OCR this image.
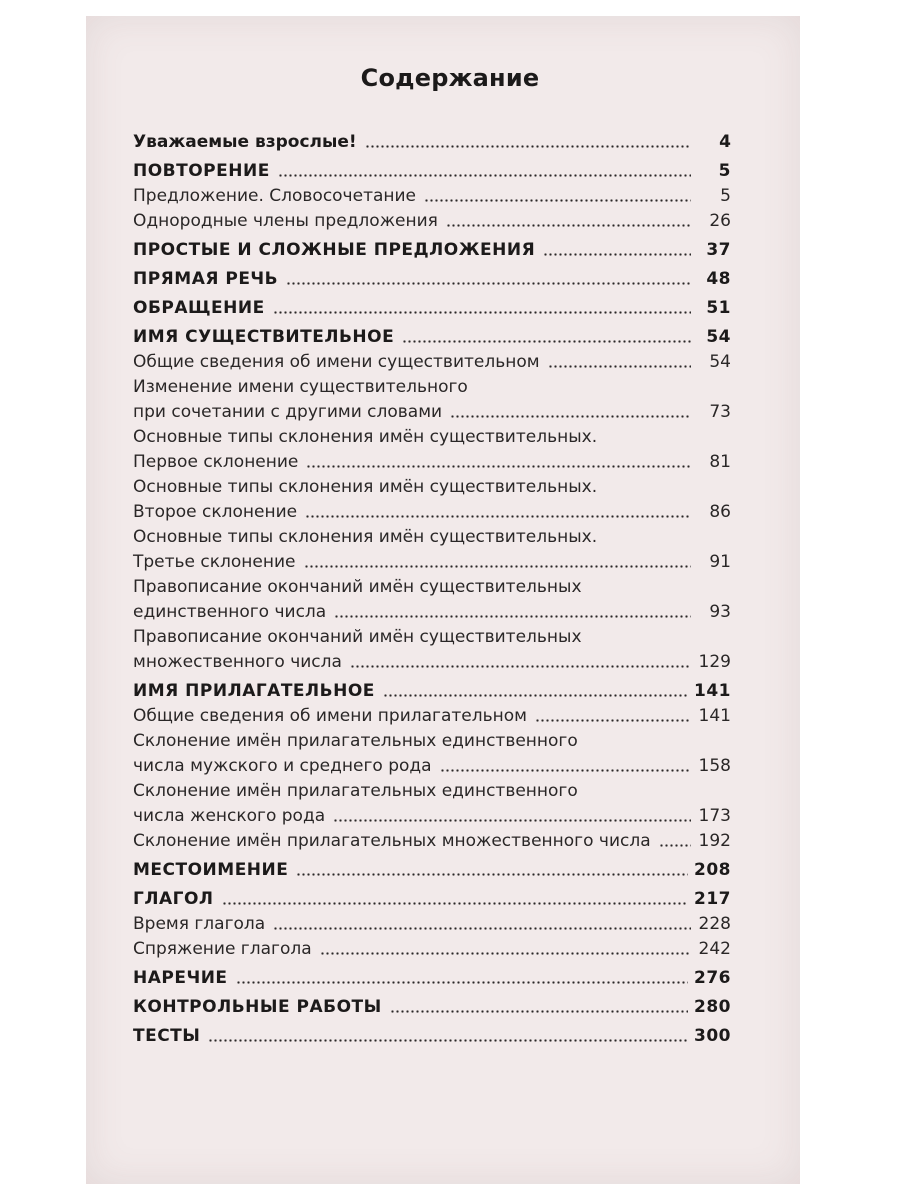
Содержание
Уважаемые взрослые!	4
ПОВТОРЕНИЕ	5
Предложение. Словосочетание	5
Однородные члены предложения	26
ПРОСТЫЕ И СЛОЖНЫЕ ПРЕДЛОЖЕНИЯ	37
ПРЯМАЯ РЕЧЬ	48
ОБРАЩЕНИЕ	51
ИМЯ СУЩЕСТВИТЕЛЬНОЕ	54
Общие сведения об имени существительном	54
Изменение имени существительного
при сочетании с другими словами	73
Основные типы склонения имён существительных.
Первое склонение	81
Основные типы склонения имён существительных.
Второе склонение	86
Основные типы склонения имён существительных.
Третье склонение	91
Правописание окончаний имён существительных
единственного числа	93
Правописание окончаний имён существительных
множественного числа	129
ИМЯ ПРИЛАГАТЕЛЬНОЕ	141
Общие сведения об имени прилагательном	141
Склонение имён прилагательных единственного
числа мужского и среднего рода	158
Склонение имён прилагательных единственного
числа женского рода	173
Склонение имён прилагательных множественного числа	192
МЕСТОИМЕНИЕ	208
ГЛАГОЛ	217
Время глагола	228
Спряжение глагола	242
НАРЕЧИЕ	276
КОНТРОЛЬНЫЕ РАБОТЫ	280
ТЕСТЫ	300
